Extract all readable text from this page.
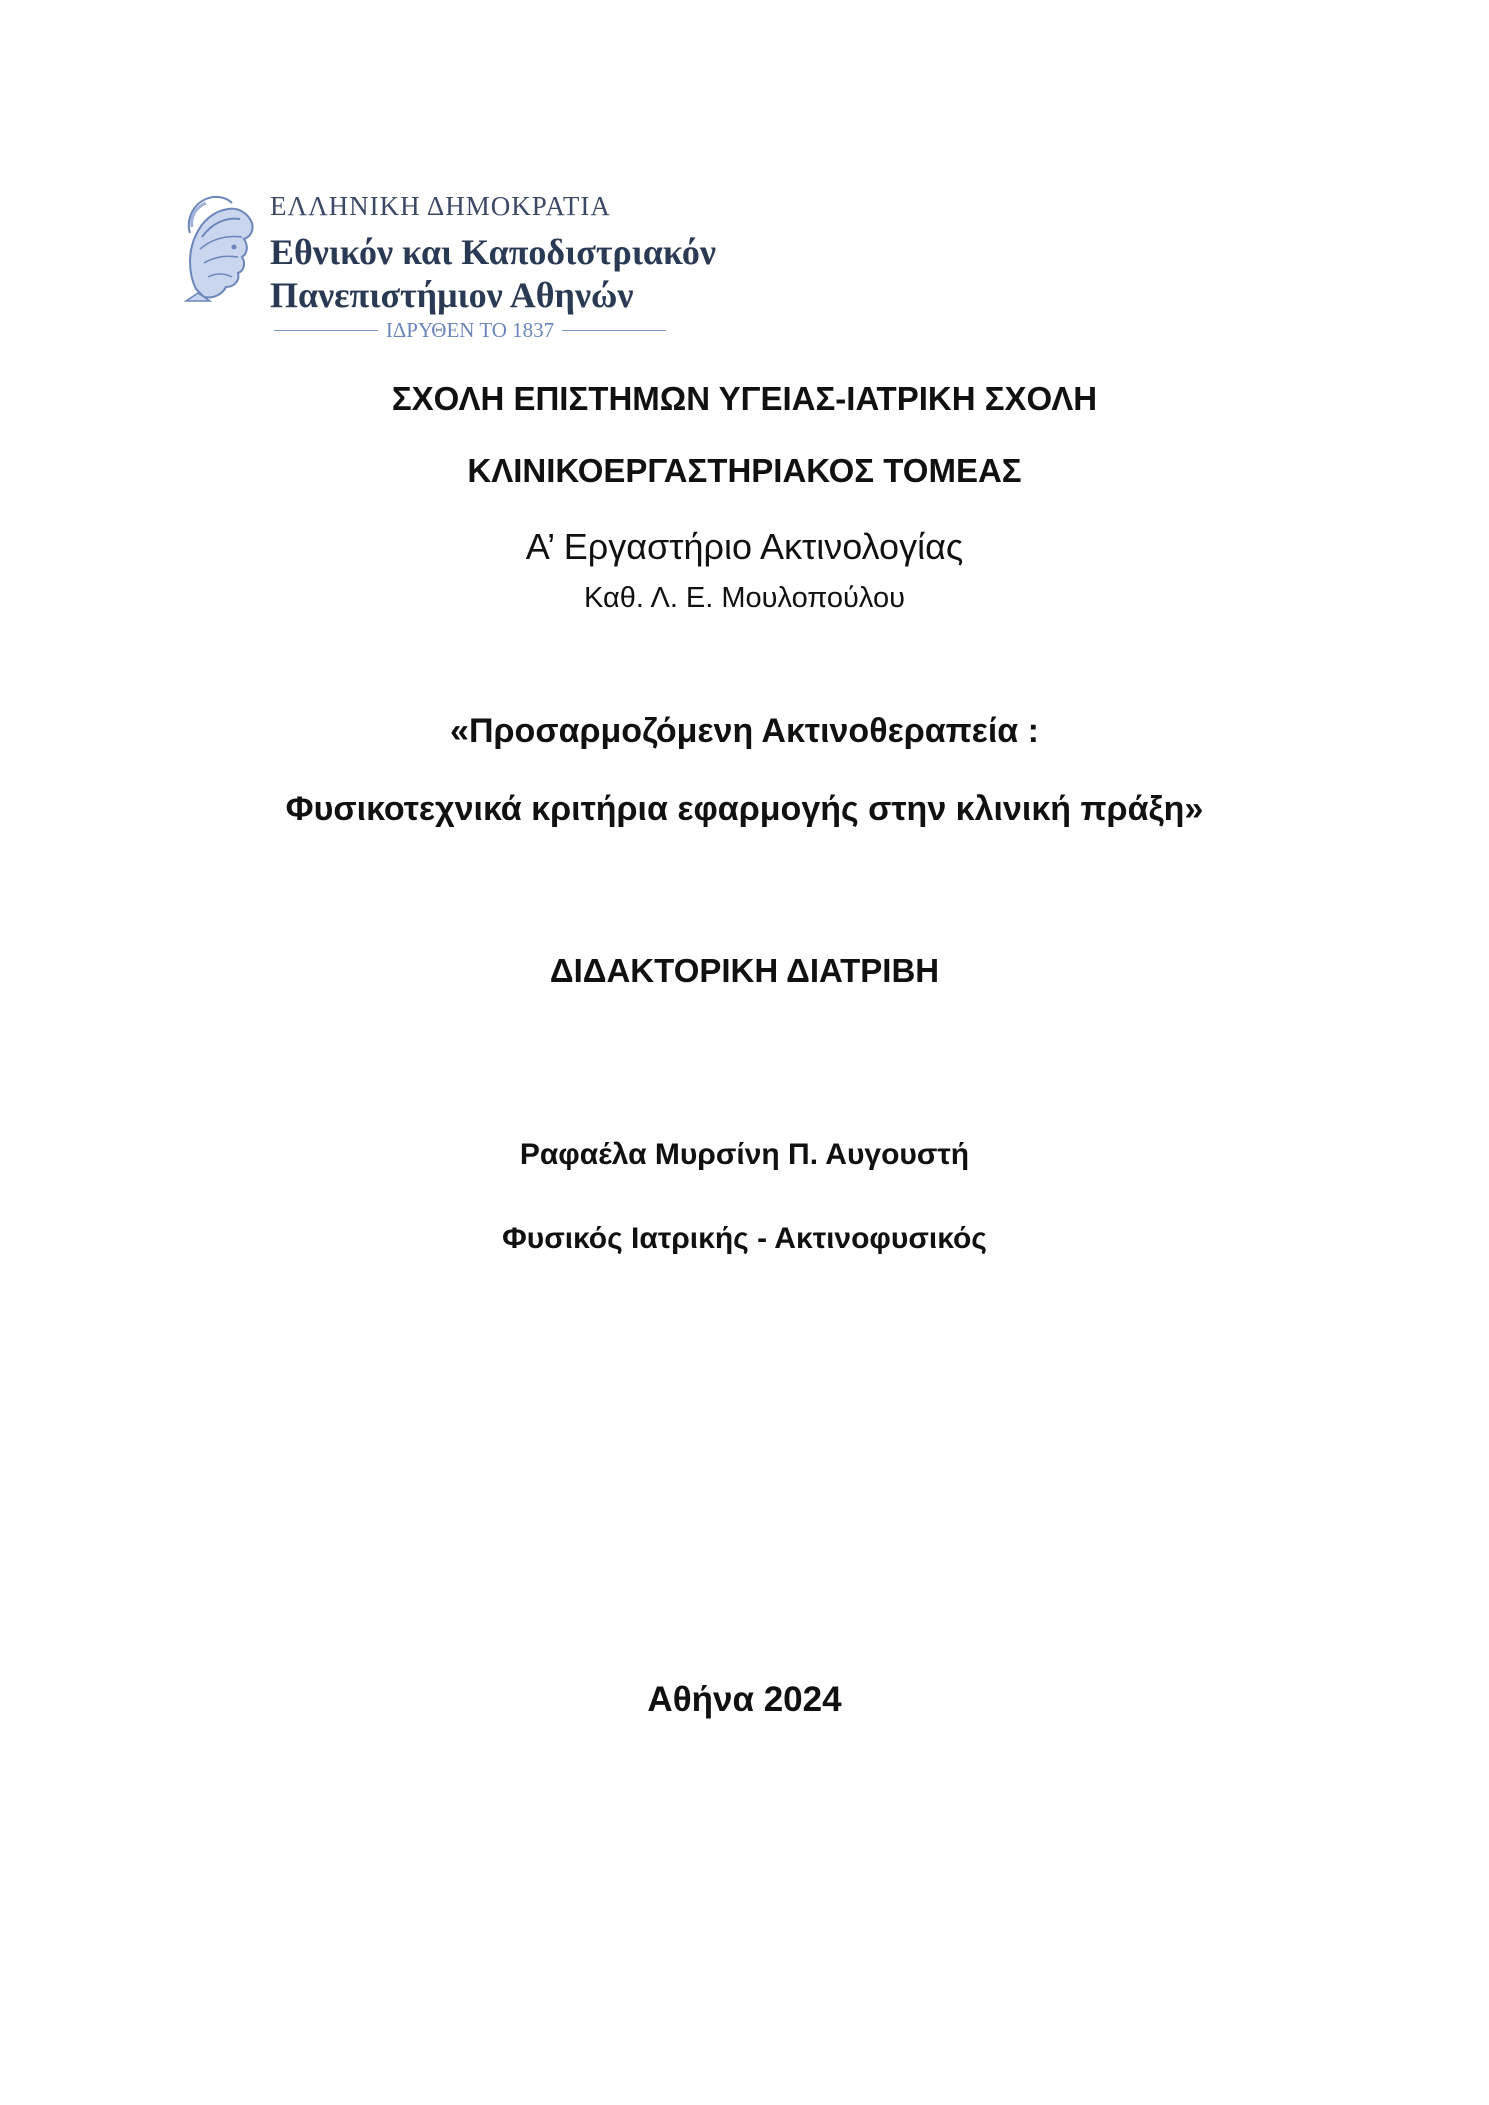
ΕΛΛΗΝΙΚΗ ΔΗΜΟΚΡΑΤΙΑ
Εθνικόν και Καποδιστριακόν
Πανεπιστήμιον Αθηνών
ΙΔΡΥΘΕΝ ΤΟ 1837
ΣΧΟΛΗ ΕΠΙΣΤΗΜΩΝ ΥΓΕΙΑΣ-ΙΑΤΡΙΚΗ ΣΧΟΛΗ
ΚΛΙΝΙΚΟΕΡΓΑΣΤΗΡΙΑΚΟΣ ΤΟΜΕΑΣ
Α’ Εργαστήριο Ακτινολογίας
Καθ. Λ. Ε. Μουλοπούλου
«Προσαρμοζόμενη Ακτινοθεραπεία :
Φυσικοτεχνικά κριτήρια εφαρμογής στην κλινική πράξη»
ΔΙΔΑΚΤΟΡΙΚΗ ΔΙΑΤΡΙΒΗ
Ραφαέλα Μυρσίνη Π. Αυγουστή
Φυσικός Ιατρικής - Ακτινοφυσικός
Αθήνα 2024
